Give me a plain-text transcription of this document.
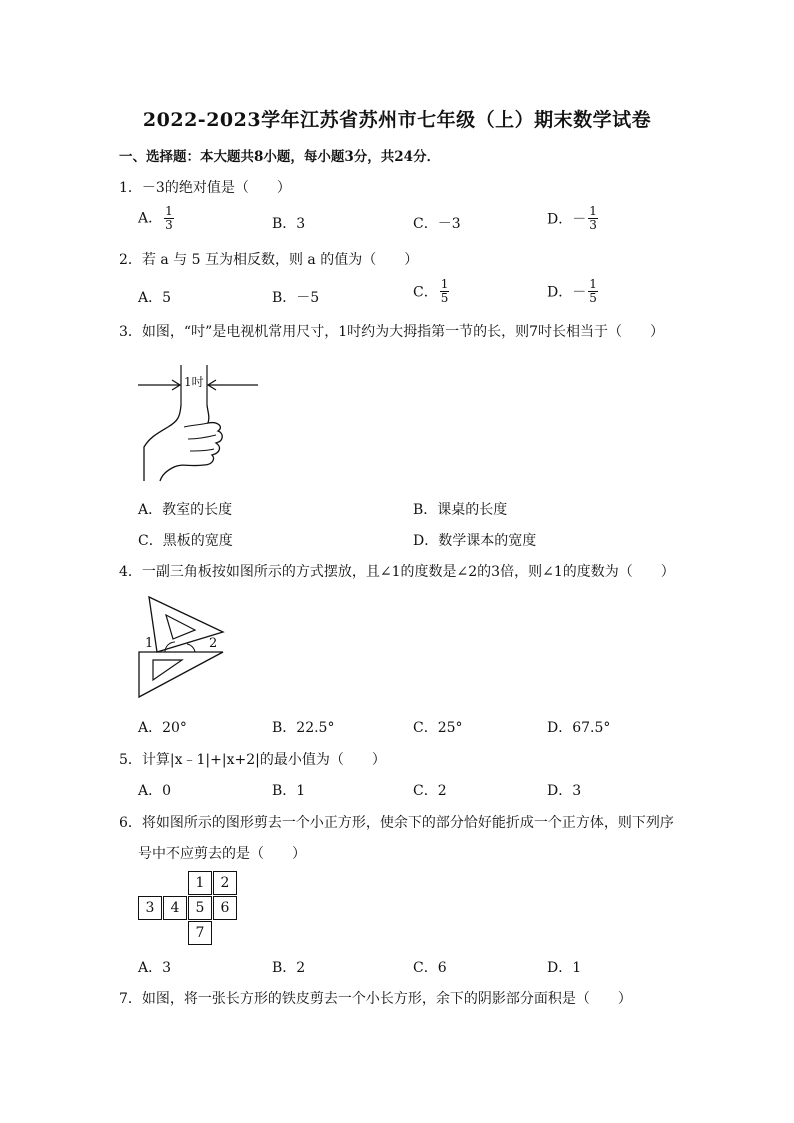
2022-2023学年江苏省苏州市七年级（上）期末数学试卷
一、选择题：本大题共8小题，每小题3分，共24分．
1．－3的绝对值是（　　）
A． $\frac{1}{3}$	B．3	C．－3	D．－ $\frac{1}{3}$
2．若 a 与 5 互为相反数，则 a 的值为（　　）
A．5	B．－5	C． $\frac{1}{5}$	D．－ $\frac{1}{5}$
3．如图，“吋”是电视机常用尺寸，1吋约为大拇指第一节的长，则7吋长相当于（　　）
1吋
A．教室的长度	B．课桌的长度
C．黑板的宽度	D．数学课本的宽度
4．一副三角板按如图所示的方式摆放，且∠1的度数是∠2的3倍，则∠1的度数为（　　）
1	2
A．20°	B．22.5°	C．25°	D．67.5°
5．计算|x﹣1|+|x+2|的最小值为（　　）
A．0	B．1	C．2	D．3
6．将如图所示的图形剪去一个小正方形，使余下的部分恰好能折成一个正方体，则下列序
号中不应剪去的是（　　）
1	2
3	4	5	6
7
A．3	B．2	C．6	D．1
7．如图，将一张长方形的铁皮剪去一个小长方形，余下的阴影部分面积是（　　）
